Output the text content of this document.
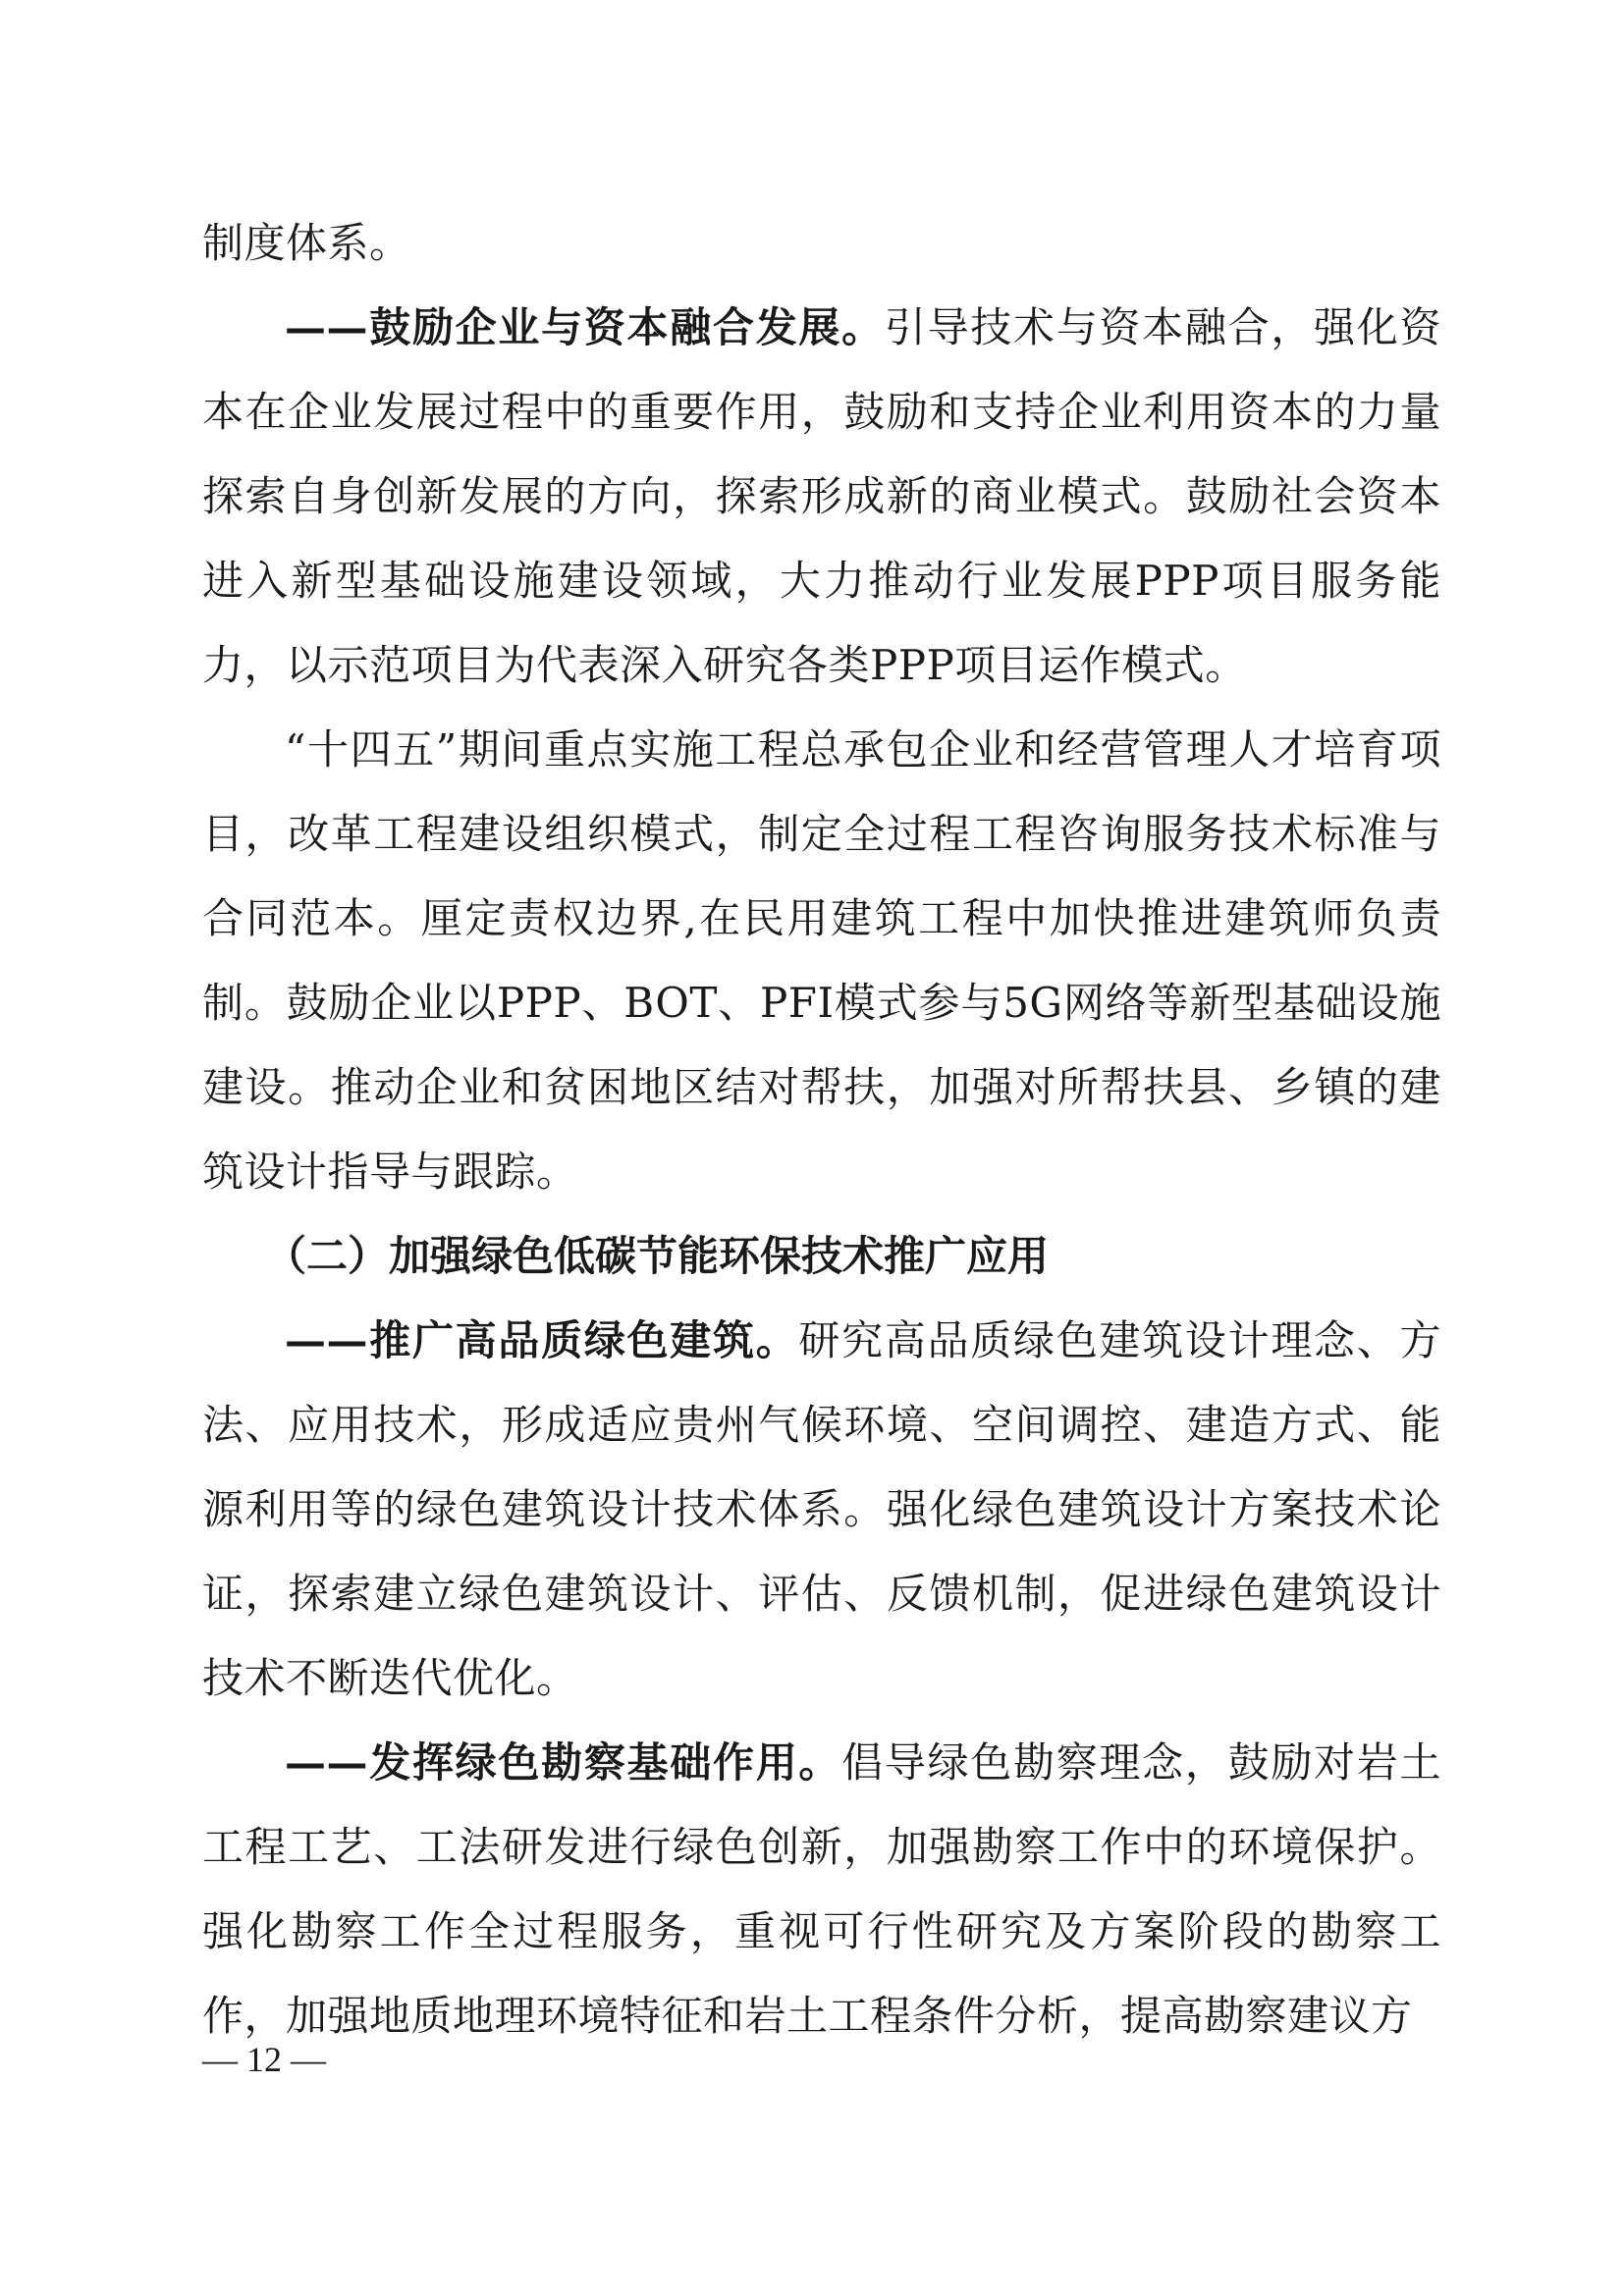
制度体系。

——鼓励企业与资本融合发展。引导技术与资本融合，强化资本在企业发展过程中的重要作用，鼓励和支持企业利用资本的力量探索自身创新发展的方向，探索形成新的商业模式。鼓励社会资本进入新型基础设施建设领域，大力推动行业发展PPP项目服务能力，以示范项目为代表深入研究各类PPP项目运作模式。

“十四五”期间重点实施工程总承包企业和经营管理人才培育项目，改革工程建设组织模式，制定全过程工程咨询服务技术标准与合同范本。厘定责权边界,在民用建筑工程中加快推进建筑师负责制。鼓励企业以PPP、BOT、PFI模式参与5G网络等新型基础设施建设。推动企业和贫困地区结对帮扶，加强对所帮扶县、乡镇的建筑设计指导与跟踪。

（二）加强绿色低碳节能环保技术推广应用

——推广高品质绿色建筑。研究高品质绿色建筑设计理念、方法、应用技术，形成适应贵州气候环境、空间调控、建造方式、能源利用等的绿色建筑设计技术体系。强化绿色建筑设计方案技术论证，探索建立绿色建筑设计、评估、反馈机制，促进绿色建筑设计技术不断迭代优化。

——发挥绿色勘察基础作用。倡导绿色勘察理念，鼓励对岩土工程工艺、工法研发进行绿色创新，加强勘察工作中的环境保护。强化勘察工作全过程服务，重视可行性研究及方案阶段的勘察工作，加强地质地理环境特征和岩土工程条件分析，提高勘察建议方

— 12 —
